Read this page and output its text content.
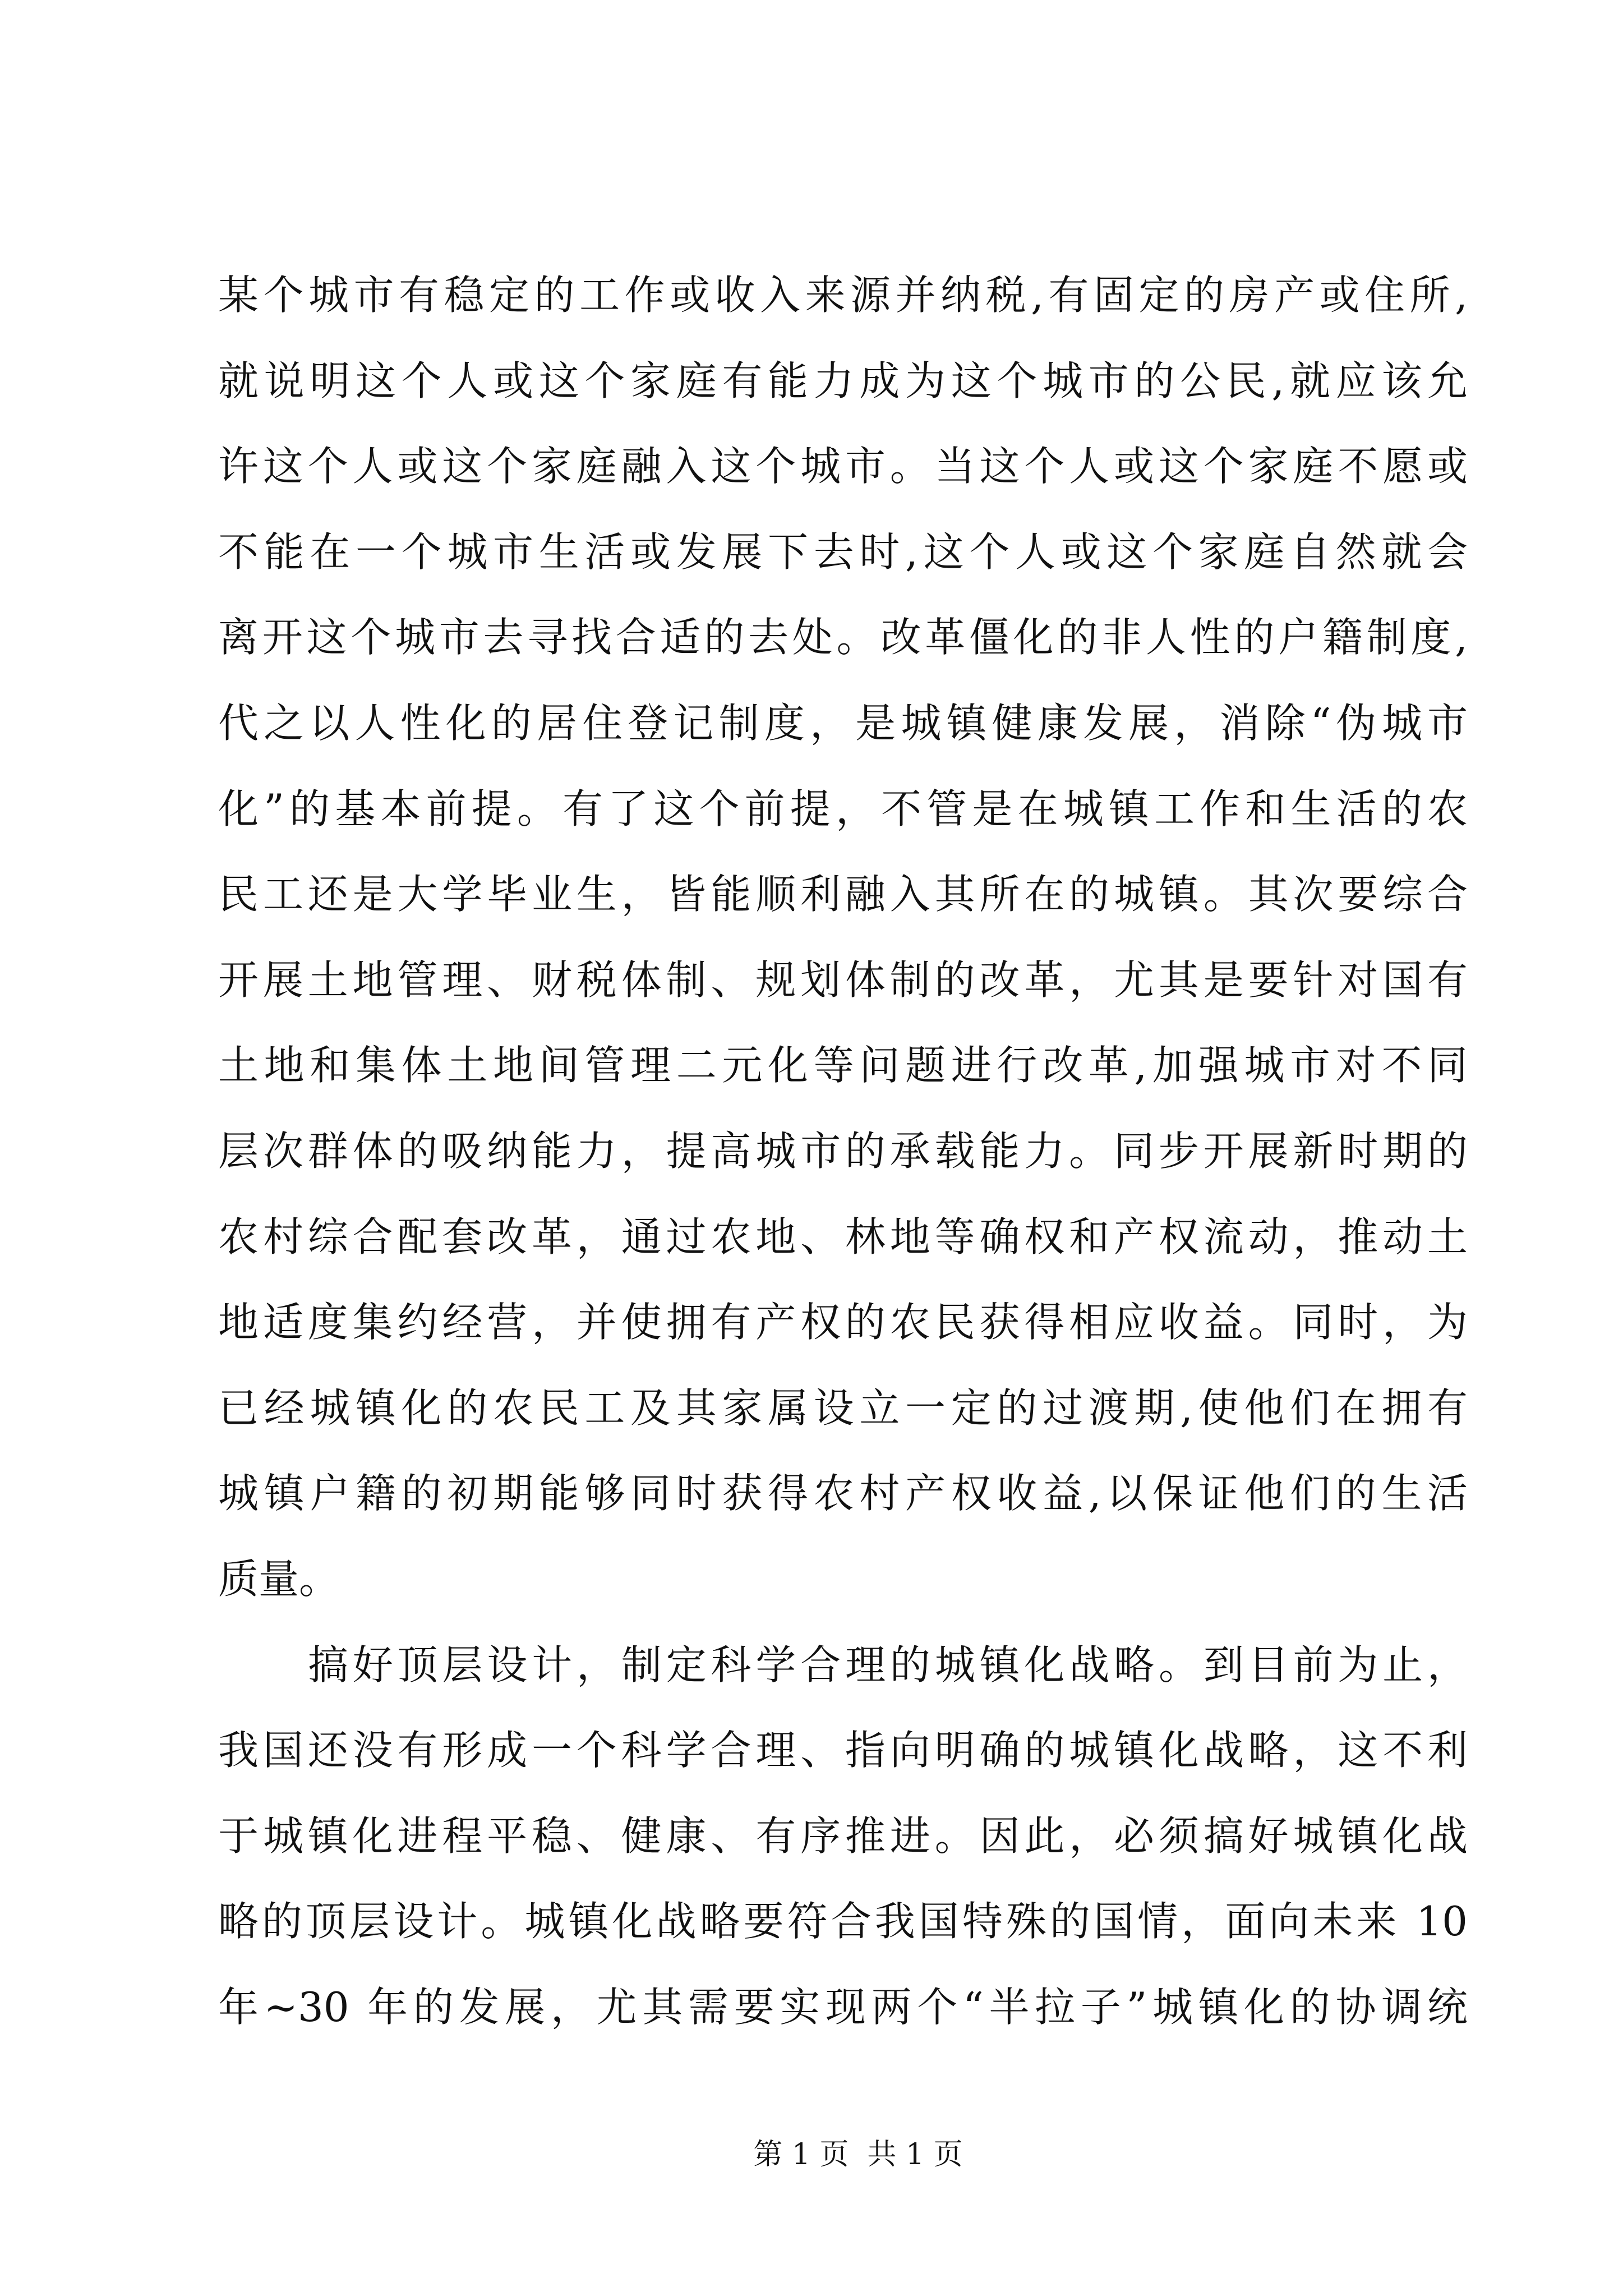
某个城市有稳定的工作或收入来源并纳税,有固定的房产或住所,
就说明这个人或这个家庭有能力成为这个城市的公民,就应该允
许这个人或这个家庭融入这个城市。当这个人或这个家庭不愿或
不能在一个城市生活或发展下去时,这个人或这个家庭自然就会
离开这个城市去寻找合适的去处。改革僵化的非人性的户籍制度,
代之以人性化的居住登记制度，是城镇健康发展，消除“伪城市
化”的基本前提。有了这个前提，不管是在城镇工作和生活的农
民工还是大学毕业生，皆能顺利融入其所在的城镇。其次要综合
开展土地管理、财税体制、规划体制的改革，尤其是要针对国有
土地和集体土地间管理二元化等问题进行改革,加强城市对不同
层次群体的吸纳能力，提高城市的承载能力。同步开展新时期的
农村综合配套改革，通过农地、林地等确权和产权流动，推动土
地适度集约经营，并使拥有产权的农民获得相应收益。同时，为
已经城镇化的农民工及其家属设立一定的过渡期,使他们在拥有
城镇户籍的初期能够同时获得农村产权收益,以保证他们的生活
质量。
搞好顶层设计，制定科学合理的城镇化战略。到目前为止，
我国还没有形成一个科学合理、指向明确的城镇化战略，这不利
于城镇化进程平稳、健康、有序推进。因此，必须搞好城镇化战
略的顶层设计。城镇化战略要符合我国特殊的国情，面向未来 10
年~30 年的发展，尤其需要实现两个“半拉子”城镇化的协调统
第 1 页  共 1 页
